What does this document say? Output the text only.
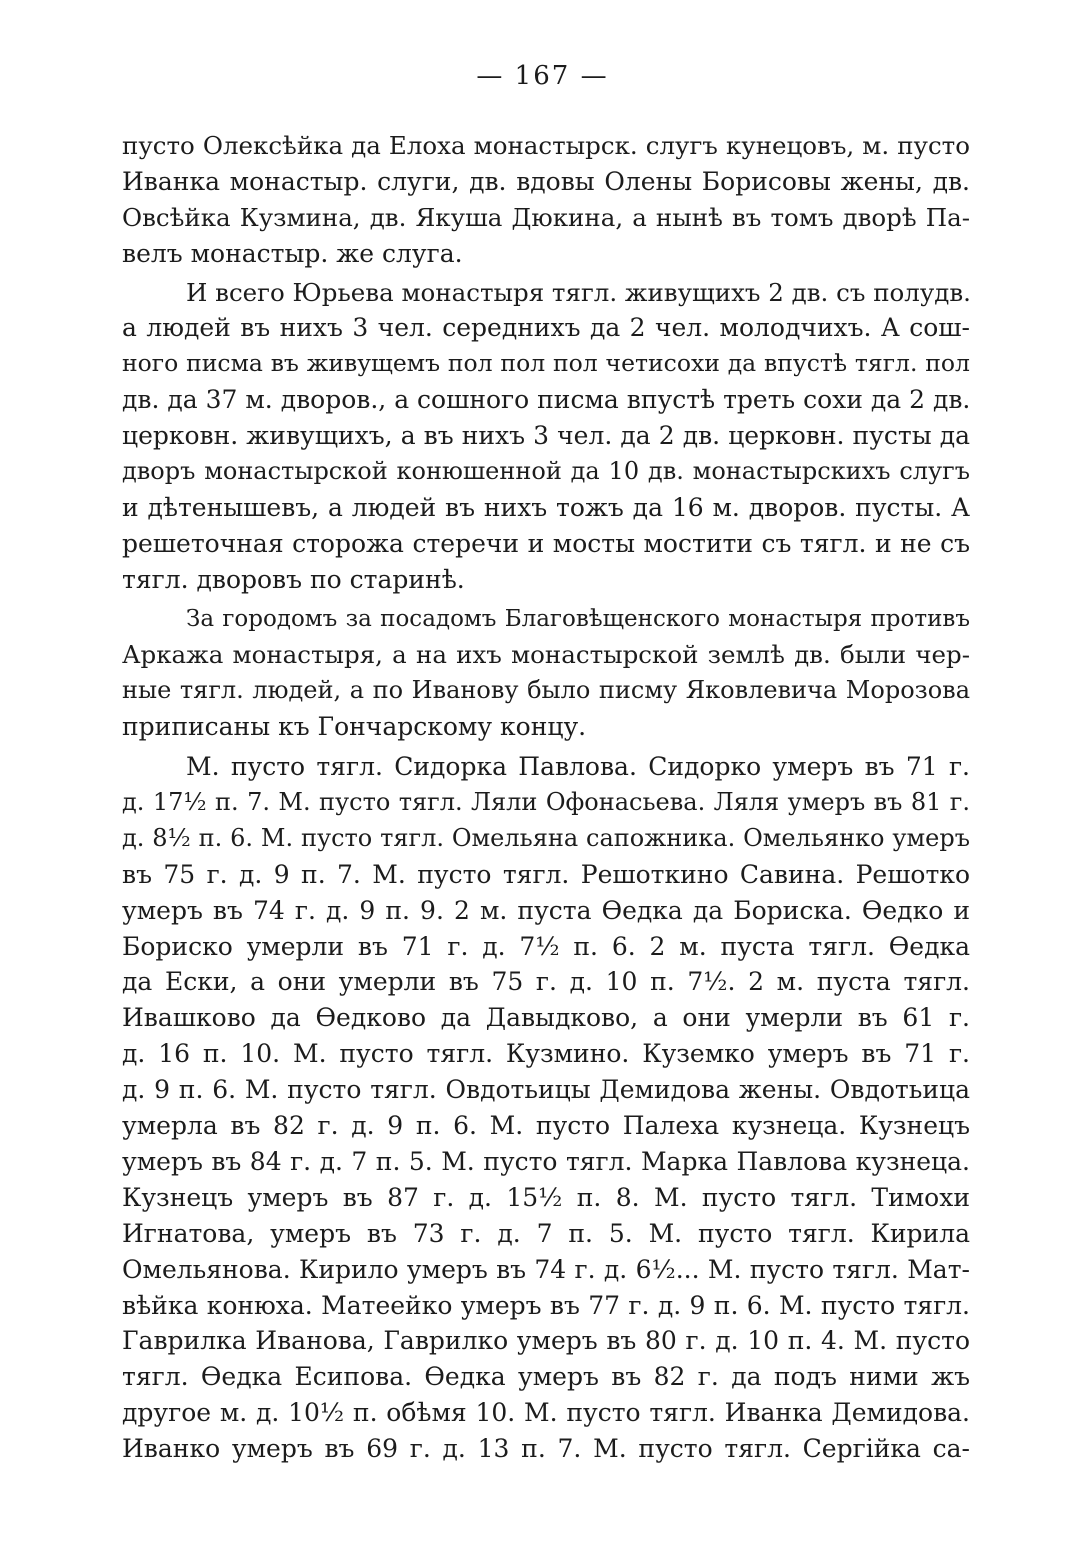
— 167 —
пусто Олексѣйка да Елоха монастырск. слугъ кунецовъ, м. пусто
Иванка монастыр. слуги, дв. вдовы Олены Борисовы жены, дв.
Овсѣйка Кузмина, дв. Якуша Дюкина, а нынѣ въ томъ дворѣ Па-
велъ монастыр. же слуга.
И всего Юрьева монастыря тягл. живущихъ 2 дв. съ полудв.
а людей въ нихъ 3 чел. середнихъ да 2 чел. молодчихъ. А сош-
ного писма въ живущемъ пол пол пол четисохи да впустѣ тягл. пол
дв. да 37 м. дворов., а сошного писма впустѣ треть сохи да 2 дв.
церковн. живущихъ, а въ нихъ 3 чел. да 2 дв. церковн. пусты да
дворъ монастырской конюшенной да 10 дв. монастырскихъ слугъ
и дѣтенышевъ, а людей въ нихъ тожъ да 16 м. дворов. пусты. А
решеточная сторожа стеречи и мосты мостити съ тягл. и не съ
тягл. дворовъ по старинѣ.
За городомъ за посадомъ Благовѣщенского монастыря противъ
Аркажа монастыря, а на ихъ монастырской землѣ дв. были чер-
ные тягл. людей, а по Иванову было писму Яковлевича Морозова
приписаны къ Гончарскому концу.
М. пусто тягл. Сидорка Павлова. Сидорко умеръ въ 71 г.
д. 17½ п. 7. М. пусто тягл. Ляли Офонасьева. Ляля умеръ въ 81 г.
д. 8½ п. 6. М. пусто тягл. Омельяна сапожника. Омельянко умеръ
въ 75 г. д. 9 п. 7. М. пусто тягл. Решоткино Савина. Решотко
умеръ въ 74 г. д. 9 п. 9. 2 м. пуста Ѳедка да Бориска. Ѳедко и
Бориско умерли въ 71 г. д. 7½ п. 6. 2 м. пуста тягл. Ѳедка
да Ески, а они умерли въ 75 г. д. 10 п. 7½. 2 м. пуста тягл.
Ивашково да Ѳедково да Давыдково, а они умерли въ 61 г.
д. 16 п. 10. М. пусто тягл. Кузмино. Куземко умеръ въ 71 г.
д. 9 п. 6. М. пусто тягл. Овдотьицы Демидова жены. Овдотьица
умерла въ 82 г. д. 9 п. 6. М. пусто Палеха кузнеца. Кузнецъ
умеръ въ 84 г. д. 7 п. 5. М. пусто тягл. Марка Павлова кузнеца.
Кузнецъ умеръ въ 87 г. д. 15½ п. 8. М. пусто тягл. Тимохи
Игнатова, умеръ въ 73 г. д. 7 п. 5. М. пусто тягл. Кирила
Омельянова. Кирило умеръ въ 74 г. д. 6½... М. пусто тягл. Мат-
вѣйка конюха. Матеейко умеръ въ 77 г. д. 9 п. 6. М. пусто тягл.
Гаврилка Иванова, Гаврилко умеръ въ 80 г. д. 10 п. 4. М. пусто
тягл. Ѳедка Есипова. Ѳедка умеръ въ 82 г. да подъ ними жъ
другое м. д. 10½ п. обѣмя 10. М. пусто тягл. Иванка Демидова.
Иванко умеръ въ 69 г. д. 13 п. 7. М. пусто тягл. Сергійка са-
